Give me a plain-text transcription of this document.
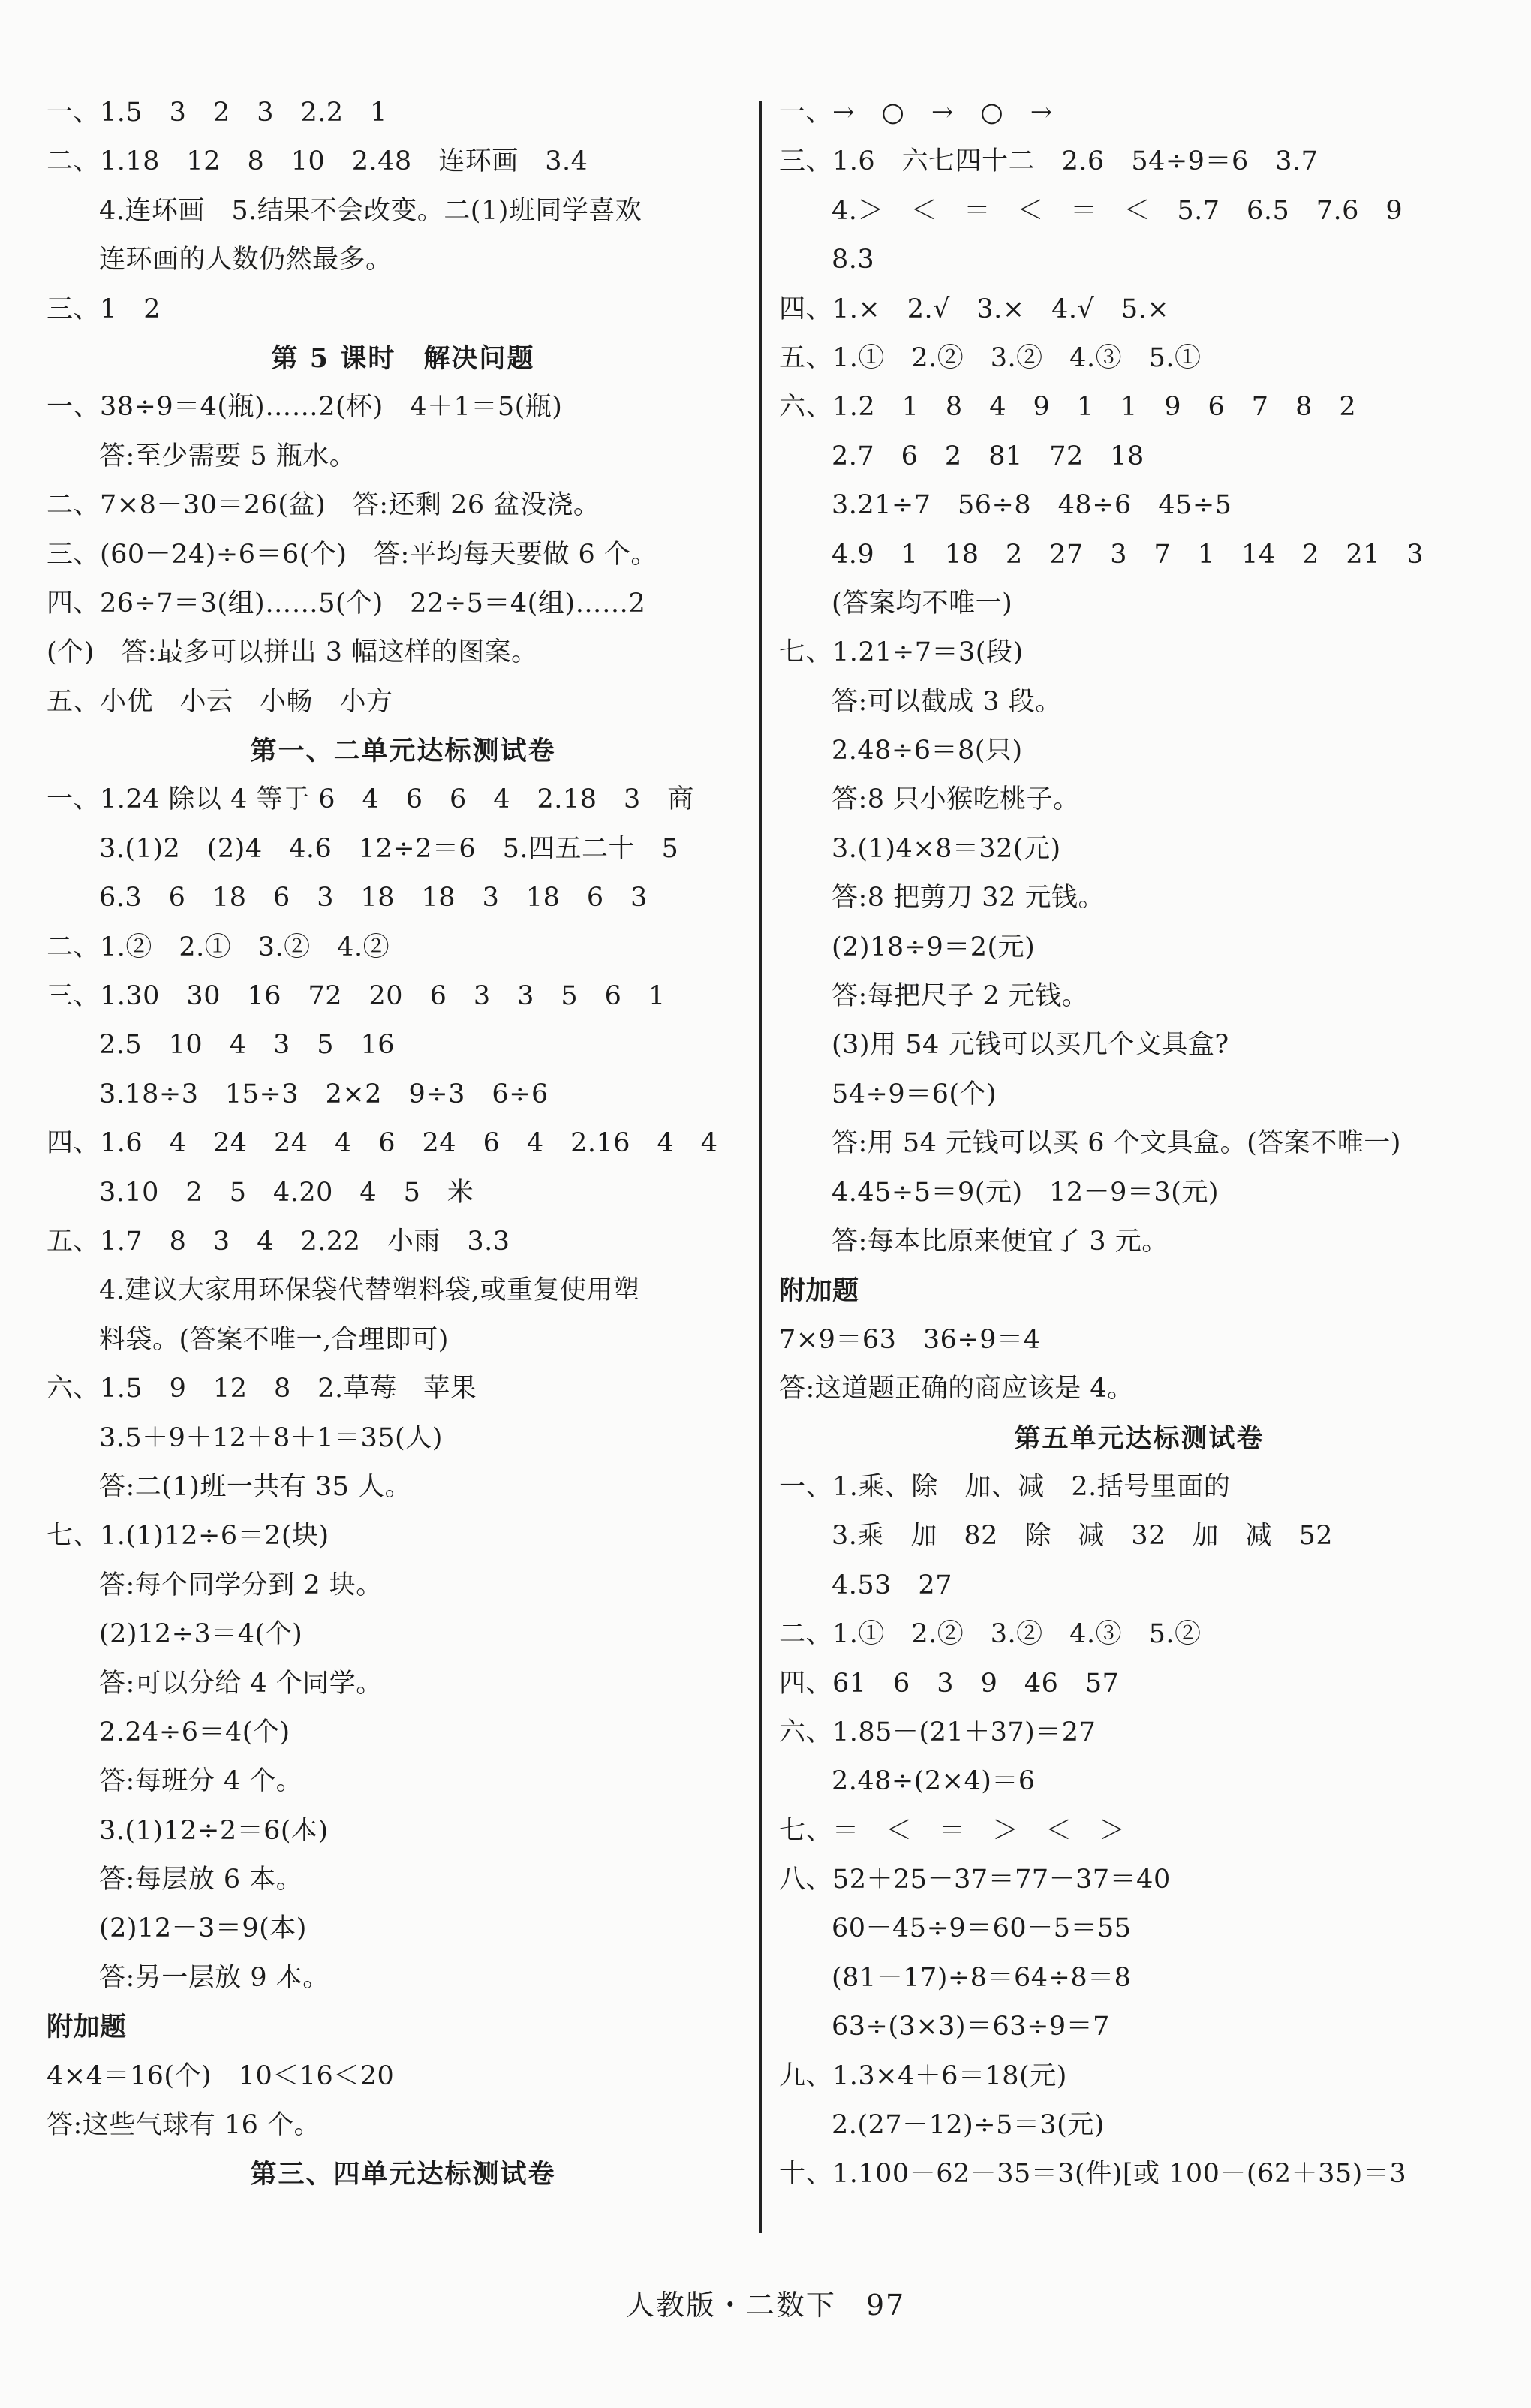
一、1.5　3　2　3　2.2　1
二、1.18　12　8　10　2.48　连环画　3.4
4.连环画　5.结果不会改变。二(1)班同学喜欢
连环画的人数仍然最多。
三、1　2
第 5 课时　解决问题
一、38÷9＝4(瓶)……2(杯)　4＋1＝5(瓶)
答:至少需要 5 瓶水。
二、7×8－30＝26(盆)　答:还剩 26 盆没浇。
三、(60－24)÷6＝6(个)　答:平均每天要做 6 个。
四、26÷7＝3(组)……5(个)　22÷5＝4(组)……2
(个)　答:最多可以拼出 3 幅这样的图案。
五、小优　小云　小畅　小方
第一、二单元达标测试卷
一、1.24 除以 4 等于 6　4　6　6　4　2.18　3　商
3.(1)2　(2)4　4.6　12÷2＝6　5.四五二十　5
6.3　6　18　6　3　18　18　3　18　6　3
二、1.②　2.①　3.②　4.②
三、1.30　30　16　72　20　6　3　3　5　6　1
2.5　10　4　3　5　16
3.18÷3　15÷3　2×2　9÷3　6÷6
四、1.6　4　24　24　4　6　24　6　4　2.16　4　4
3.10　2　5　4.20　4　5　米
五、1.7　8　3　4　2.22　小雨　3.3
4.建议大家用环保袋代替塑料袋,或重复使用塑
料袋。(答案不唯一,合理即可)
六、1.5　9　12　8　2.草莓　苹果
3.5＋9＋12＋8＋1＝35(人)
答:二(1)班一共有 35 人。
七、1.(1)12÷6＝2(块)
答:每个同学分到 2 块。
(2)12÷3＝4(个)
答:可以分给 4 个同学。
2.24÷6＝4(个)
答:每班分 4 个。
3.(1)12÷2＝6(本)
答:每层放 6 本。
(2)12－3＝9(本)
答:另一层放 9 本。
附加题
4×4＝16(个)　10＜16＜20
答:这些气球有 16 个。
第三、四单元达标测试卷
一、→　○　→　○　→
三、1.6　六七四十二　2.6　54÷9＝6　3.7
4.＞　＜　＝　＜　＝　＜　5.7　6.5　7.6　9
8.3
四、1.×　2.√　3.×　4.√　5.×
五、1.①　2.②　3.②　4.③　5.①
六、1.2　1　8　4　9　1　1　9　6　7　8　2
2.7　6　2　81　72　18
3.21÷7　56÷8　48÷6　45÷5
4.9　1　18　2　27　3　7　1　14　2　21　3
(答案均不唯一)
七、1.21÷7＝3(段)
答:可以截成 3 段。
2.48÷6＝8(只)
答:8 只小猴吃桃子。
3.(1)4×8＝32(元)
答:8 把剪刀 32 元钱。
(2)18÷9＝2(元)
答:每把尺子 2 元钱。
(3)用 54 元钱可以买几个文具盒?
54÷9＝6(个)
答:用 54 元钱可以买 6 个文具盒。(答案不唯一)
4.45÷5＝9(元)　12－9＝3(元)
答:每本比原来便宜了 3 元。
附加题
7×9＝63　36÷9＝4
答:这道题正确的商应该是 4。
第五单元达标测试卷
一、1.乘、除　加、减　2.括号里面的
3.乘　加　82　除　减　32　加　减　52
4.53　27
二、1.①　2.②　3.②　4.③　5.②
四、61　6　3　9　46　57
六、1.85－(21＋37)＝27
2.48÷(2×4)＝6
七、＝　＜　＝　＞　＜　＞
八、52＋25－37＝77－37＝40
60－45÷9＝60－5＝55
(81－17)÷8＝64÷8＝8
63÷(3×3)＝63÷9＝7
九、1.3×4＋6＝18(元)
2.(27－12)÷5＝3(元)
十、1.100－62－35＝3(件)[或 100－(62＋35)＝3
人教版・二数下　97
